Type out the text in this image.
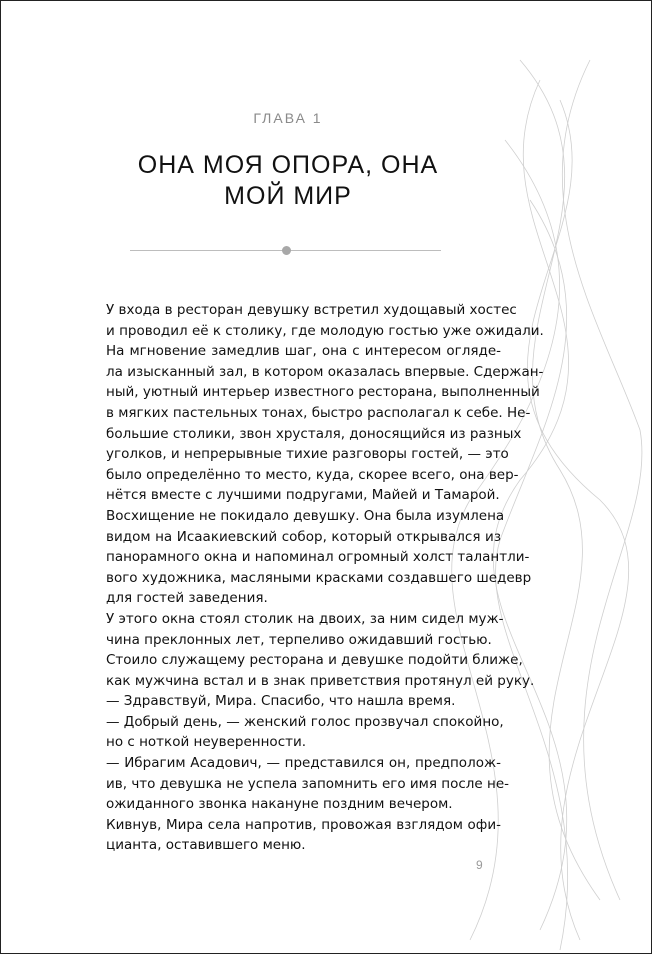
ГЛАВА 1
ОНА МОЯ ОПОРА, ОНА
МОЙ МИР

У входа в ресторан девушку встретил худощавый хостес
и проводил её к столику, где молодую гостью уже ожидали.

На мгновение замедлив шаг, она с интересом огляде-
ла изысканный зал, в котором оказалась впервые. Сдержан-
ный, уютный интерьер известного ресторана, выполненный
в мягких пастельных тонах, быстро располагал к себе. Не-
большие столики, звон хрусталя, доносящийся из разных
уголков, и непрерывные тихие разговоры гостей, — это
было определённо то место, куда, скорее всего, она вер-
нётся вместе с лучшими подругами, Майей и Тамарой.

Восхищение не покидало девушку. Она была изумлена
видом на Исаакиевский собор, который открывался из
панорамного окна и напоминал огромный холст талантли-
вого художника, масляными красками создавшего шедевр
для гостей заведения.

У этого окна стоял столик на двоих, за ним сидел муж-
чина преклонных лет, терпеливо ожидавший гостью.

Стоило служащему ресторана и девушке подойти ближе,
как мужчина встал и в знак приветствия протянул ей руку.

— Здравствуй, Мира. Спасибо, что нашла время.

— Добрый день, — женский голос прозвучал спокойно,
но с ноткой неуверенности.

— Ибрагим Асадович, — представился он, предполож-
ив, что девушка не успела запомнить его имя после не-
ожиданного звонка накануне поздним вечером.

Кивнув, Мира села напротив, провожая взглядом офи-
цианта, оставившего меню.

9
